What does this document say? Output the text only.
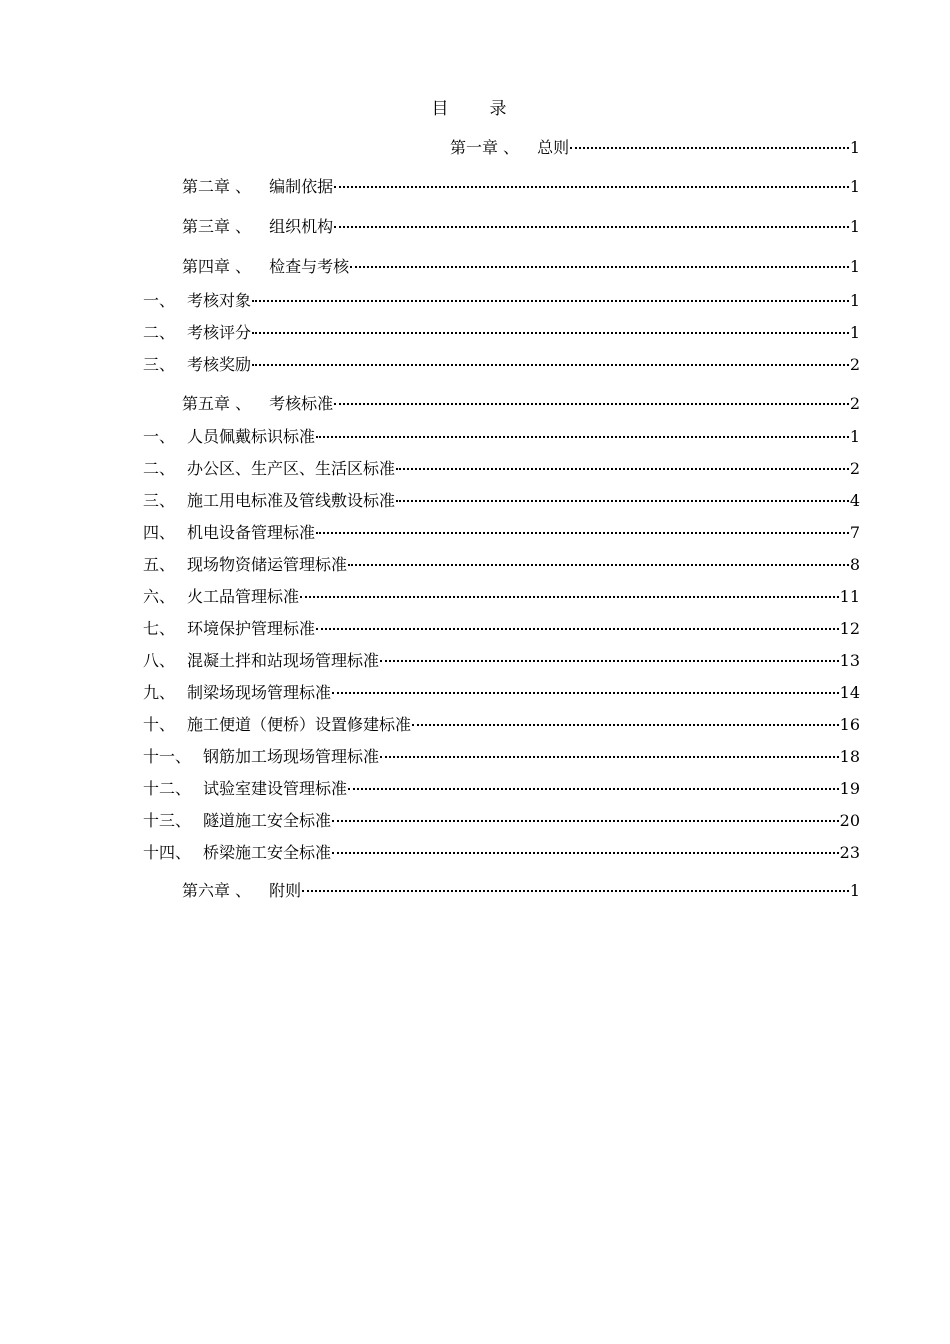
目　录
第一章 、 总则	1
第二章 、 编制依据	1
第三章 、 组织机构	1
第四章 、 检查与考核	1
一、 考核对象	1
二、 考核评分	1
三、 考核奖励	2
第五章 、 考核标准	2
一、 人员佩戴标识标准	1
二、 办公区、生产区、生活区标准	2
三、 施工用电标准及管线敷设标准	4
四、 机电设备管理标准	7
五、 现场物资储运管理标准	8
六、 火工品管理标准	11
七、 环境保护管理标准	12
八、 混凝土拌和站现场管理标准	13
九、 制梁场现场管理标准	14
十、 施工便道（便桥）设置修建标准	16
十一、 钢筋加工场现场管理标准	18
十二、 试验室建设管理标准	19
十三、 隧道施工安全标准	20
十四、 桥梁施工安全标准	23
第六章 、 附则	1
